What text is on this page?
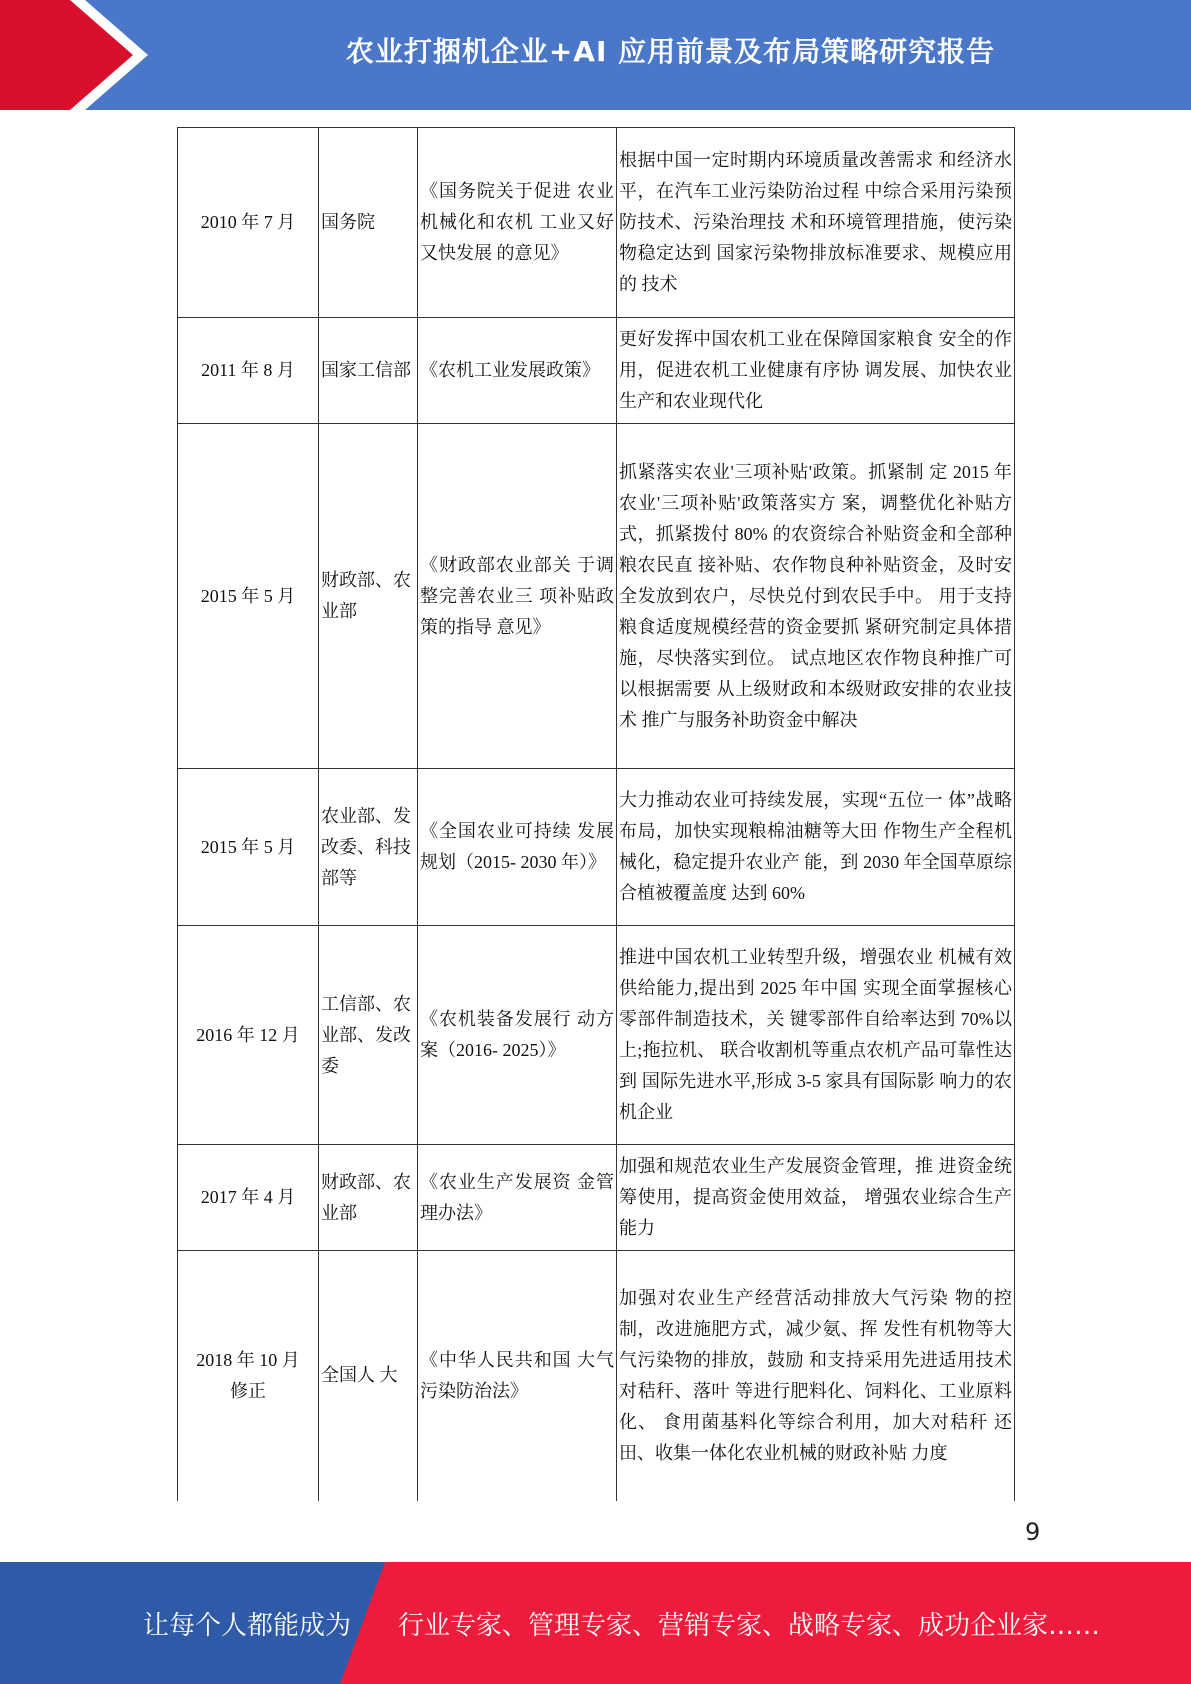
农业打捆机企业+AI 应用前景及布局策略研究报告
2010 年 7 月	国务院	《国务院关于促进 农业机械化和农机 工业又好又快发展 的意见》	根据中国一定时期内环境质量改善需求 和经济水平，在汽车工业污染防治过程 中综合采用污染预防技术、污染治理技 术和环境管理措施，使污染物稳定达到 国家污染物排放标准要求、规模应用的 技术
2011 年 8 月	国家工信部	《农机工业发展政策》	更好发挥中国农机工业在保障国家粮食 安全的作用，促进农机工业健康有序协 调发展、加快农业生产和农业现代化
2015 年 5 月	财政部、农业部	《财政部农业部关 于调整完善农业三 项补贴政策的指导 意见》	抓紧落实农业'三项补贴'政策。抓紧制 定 2015 年农业'三项补贴'政策落实方 案，调整优化补贴方式，抓紧拨付 80% 的农资综合补贴资金和全部种粮农民直 接补贴、农作物良种补贴资金，及时安 全发放到农户，尽快兑付到农民手中。 用于支持粮食适度规模经营的资金要抓 紧研究制定具体措施，尽快落实到位。 试点地区农作物良种推广可以根据需要 从上级财政和本级财政安排的农业技术 推广与服务补助资金中解决
2015 年 5 月	农业部、发改委、科技部等	《全国农业可持续 发展规划（2015- 2030 年）》	大力推动农业可持续发展，实现“五位一 体”战略布局，加快实现粮棉油糖等大田 作物生产全程机械化，稳定提升农业产 能，到 2030 年全国草原综合植被覆盖度 达到 60%
2016 年 12 月	工信部、农业部、发改委	《农机装备发展行 动方案（2016- 2025）》	推进中国农机工业转型升级，增强农业 机械有效供给能力,提出到 2025 年中国 实现全面掌握核心零部件制造技术，关 键零部件自给率达到 70%以上;拖拉机、 联合收割机等重点农机产品可靠性达到 国际先进水平,形成 3-5 家具有国际影 响力的农机企业
2017 年 4 月	财政部、农业部	《农业生产发展资 金管理办法》	加强和规范农业生产发展资金管理，推 进资金统筹使用，提高资金使用效益， 增强农业综合生产能力
2018 年 10 月修正	全国人 大	《中华人民共和国 大气污染防治法》	加强对农业生产经营活动排放大气污染 物的控制，改进施肥方式，减少氨、挥 发性有机物等大气污染物的排放，鼓励 和支持采用先进适用技术对秸秆、落叶 等进行肥料化、饲料化、工业原料化、 食用菌基料化等综合利用，加大对秸秆 还田、收集一体化农业机械的财政补贴 力度
9
让每个人都能成为 行业专家、管理专家、营销专家、战略专家、成功企业家……
